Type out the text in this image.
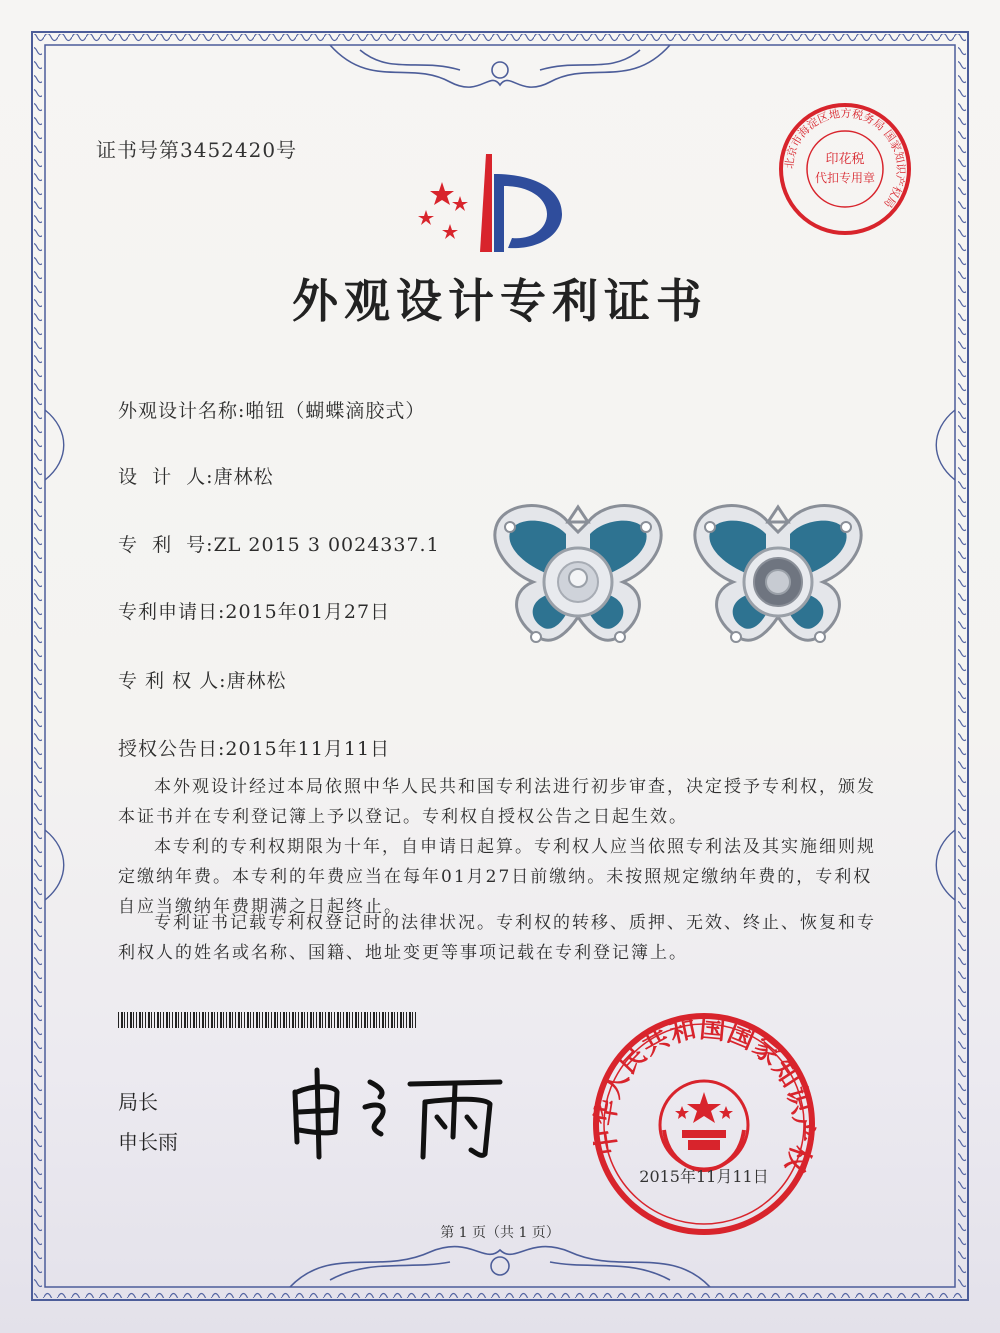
证书号第3452420号
北京市海淀区地方税务局 国家知识产权局
印花税
代扣专用章
外观设计专利证书
外观设计名称:啪钮（蝴蝶滴胶式）
设  计  人:唐林松
专  利  号:ZL 2015 3 0024337.1
专利申请日:2015年01月27日
专 利 权 人:唐林松
授权公告日:2015年11月11日
本外观设计经过本局依照中华人民共和国专利法进行初步审查，决定授予专利权，颁发本证书并在专利登记簿上予以登记。专利权自授权公告之日起生效。
本专利的专利权期限为十年，自申请日起算。专利权人应当依照专利法及其实施细则规定缴纳年费。本专利的年费应当在每年01月27日前缴纳。未按照规定缴纳年费的，专利权自应当缴纳年费期满之日起终止。
专利证书记载专利权登记时的法律状况。专利权的转移、质押、无效、终止、恢复和专利权人的姓名或名称、国籍、地址变更等事项记载在专利登记簿上。
局长
申长雨	中华人民共和国国家知识产权
2015年11月11日
第 1 页（共 1 页）
